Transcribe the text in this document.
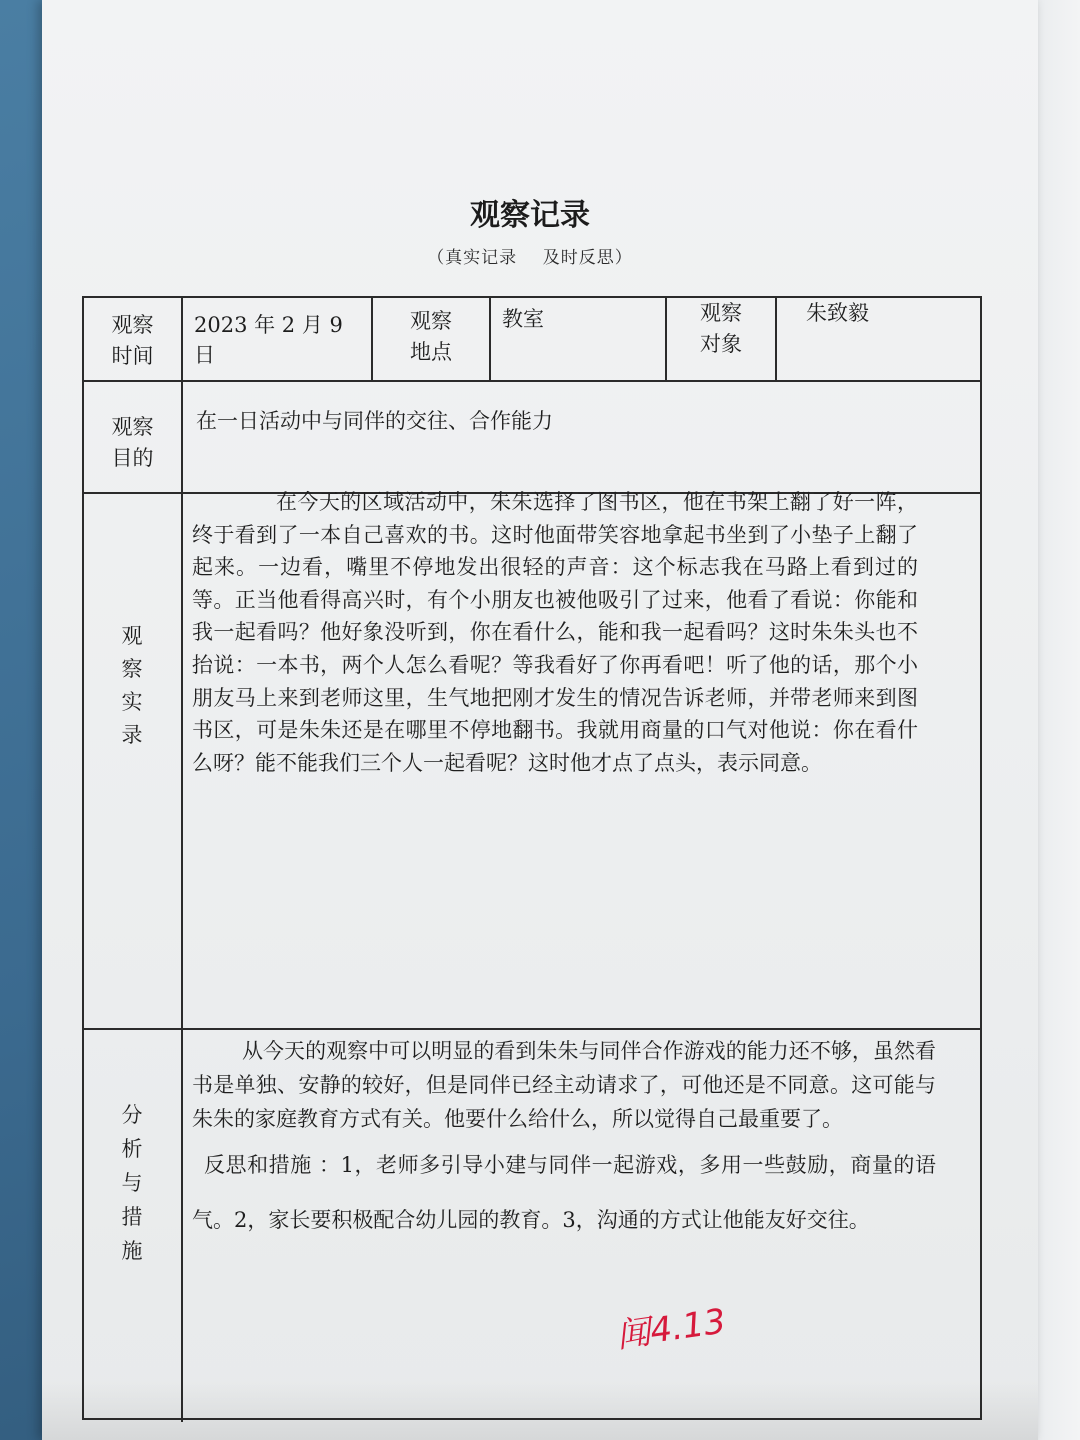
观察记录
（真实记录    及时反思）
观察
时间
2023 年 2 月 9 日
观察
地点
教室	观察
对象
朱致毅
观察
目的
在一日活动中与同伴的交往、合作能力
观察实录

在今天的区域活动中，朱朱选择了图书区，他在书架上翻了好一阵，终于看到了一本自己喜欢的书。这时他面带笑容地拿起书坐到了小垫子上翻了起来。一边看，嘴里不停地发出很轻的声音：这个标志我在马路上看到过的等。正当他看得高兴时，有个小朋友也被他吸引了过来，他看了看说：你能和我一起看吗？他好象没听到，你在看什么，能和我一起看吗？这时朱朱头也不抬说：一本书，两个人怎么看呢？等我看好了你再看吧！听了他的话，那个小朋友马上来到老师这里，生气地把刚才发生的情况告诉老师，并带老师来到图书区，可是朱朱还是在哪里不停地翻书。我就用商量的口气对他说：你在看什么呀？能不能我们三个人一起看呢？这时他才点了点头，表示同意。

分析与措施

从今天的观察中可以明显的看到朱朱与同伴合作游戏的能力还不够，虽然看书是单独、安静的较好，但是同伴已经主动请求了，可他还是不同意。这可能与朱朱的家庭教育方式有关。他要什么给什么，所以觉得自己最重要了。

反思和措施 ：1，老师多引导小建与同伴一起游戏，多用一些鼓励，商量的语气。2，家长要积极配合幼儿园的教育。3，沟通的方式让他能友好交往。

闻4.13
